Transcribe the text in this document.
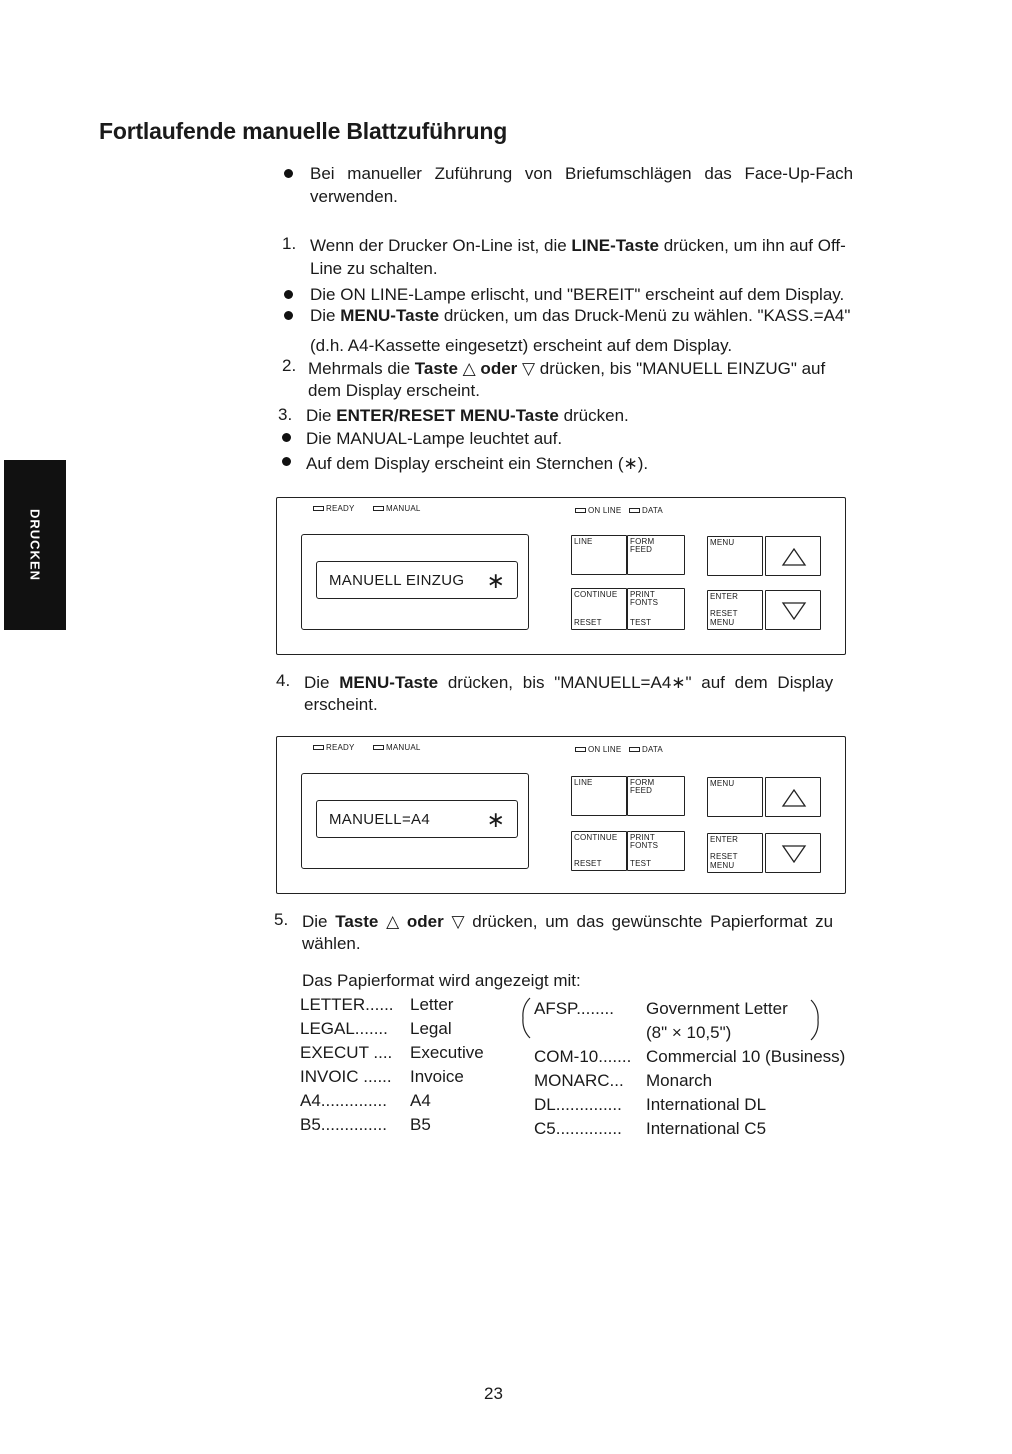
Fortlaufende manuelle Blattzuführung
DRUCKEN
Bei manueller Zuführung von Briefumschlägen das Face-Up-Fach
verwenden.
1. Wenn der Drucker On-Line ist, die LINE-Taste drücken, um ihn auf Off-
Line zu schalten.
Die ON LINE-Lampe erlischt, und "BEREIT" erscheint auf dem Display.
Die MENU-Taste drücken, um das Druck-Menü zu wählen. "KASS.=A4"
(d.h. A4-Kassette eingesetzt) erscheint auf dem Display.
2. Mehrmals die Taste △ oder ▽ drücken, bis "MANUELL EINZUG" auf
dem Display erscheint.
3. Die ENTER/RESET MENU-Taste drücken.
Die MANUAL-Lampe leuchtet auf.
Auf dem Display erscheint ein Sternchen (∗).
READY	MANUAL	ON LINE	DATA
MANUELL EINZUG ∗
LINE	FORM
FEED
MENU
CONTINUE
RESET
PRINT
FONTS
TEST
ENTER
RESET
MENU
4. Die MENU-Taste drücken, bis "MANUELL=A4∗" auf dem Display
erscheint.
READY	MANUAL	ON LINE	DATA
MANUELL=A4	∗
LINE	FORM
FEED
MENU
CONTINUE
RESET
PRINT
FONTS
TEST
ENTER
RESET
MENU
5. Die Taste △ oder ▽ drücken, um das gewünschte Papierformat zu
wählen.
Das Papierformat wird angezeigt mit:
LETTER...... Letter
LEGAL....... Legal
EXECUT .... Executive
INVOIC ...... Invoice
A4.............. A4
B5.............. B5
AFSP........ Government Letter
(8" × 10,5")
COM-10....... Commercial 10 (Business)
MONARC... Monarch
DL.............. International DL
C5.............. International C5
23
